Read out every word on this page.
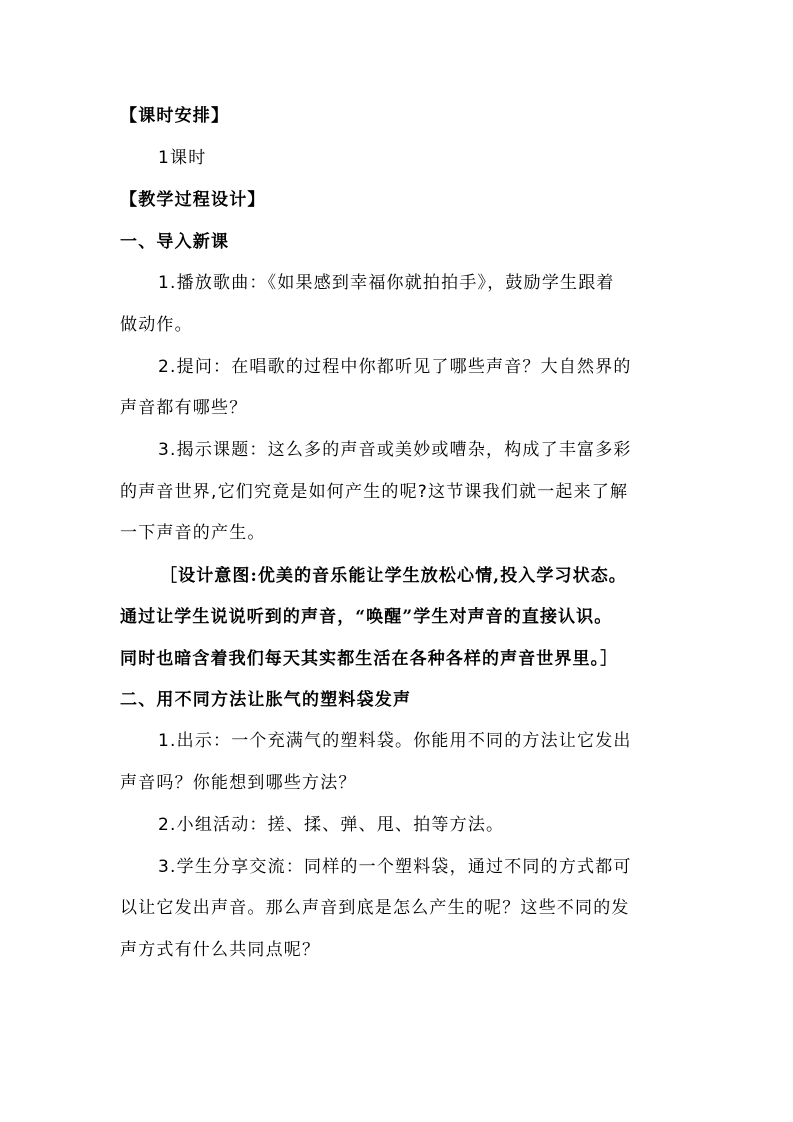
【课时安排】
1课时
【教学过程设计】
一、导入新课
1.播放歌曲：《如果感到幸福你就拍拍手》，鼓励学生跟着
做动作。
2.提问：在唱歌的过程中你都听见了哪些声音？大自然界的
声音都有哪些？
3.揭示课题：这么多的声音或美妙或嘈杂，构成了丰富多彩
的声音世界,它们究竟是如何产生的呢?这节课我们就一起来了解
一下声音的产生。
［设计意图:优美的音乐能让学生放松心情,投入学习状态。
通过让学生说说听到的声音，“唤醒”学生对声音的直接认识。
同时也暗含着我们每天其实都生活在各种各样的声音世界里。］
二、用不同方法让胀气的塑料袋发声
1.出示：一个充满气的塑料袋。你能用不同的方法让它发出
声音吗？你能想到哪些方法？
2.小组活动：搓、揉、弹、甩、拍等方法。
3.学生分享交流：同样的一个塑料袋，通过不同的方式都可
以让它发出声音。那么声音到底是怎么产生的呢？这些不同的发
声方式有什么共同点呢？
